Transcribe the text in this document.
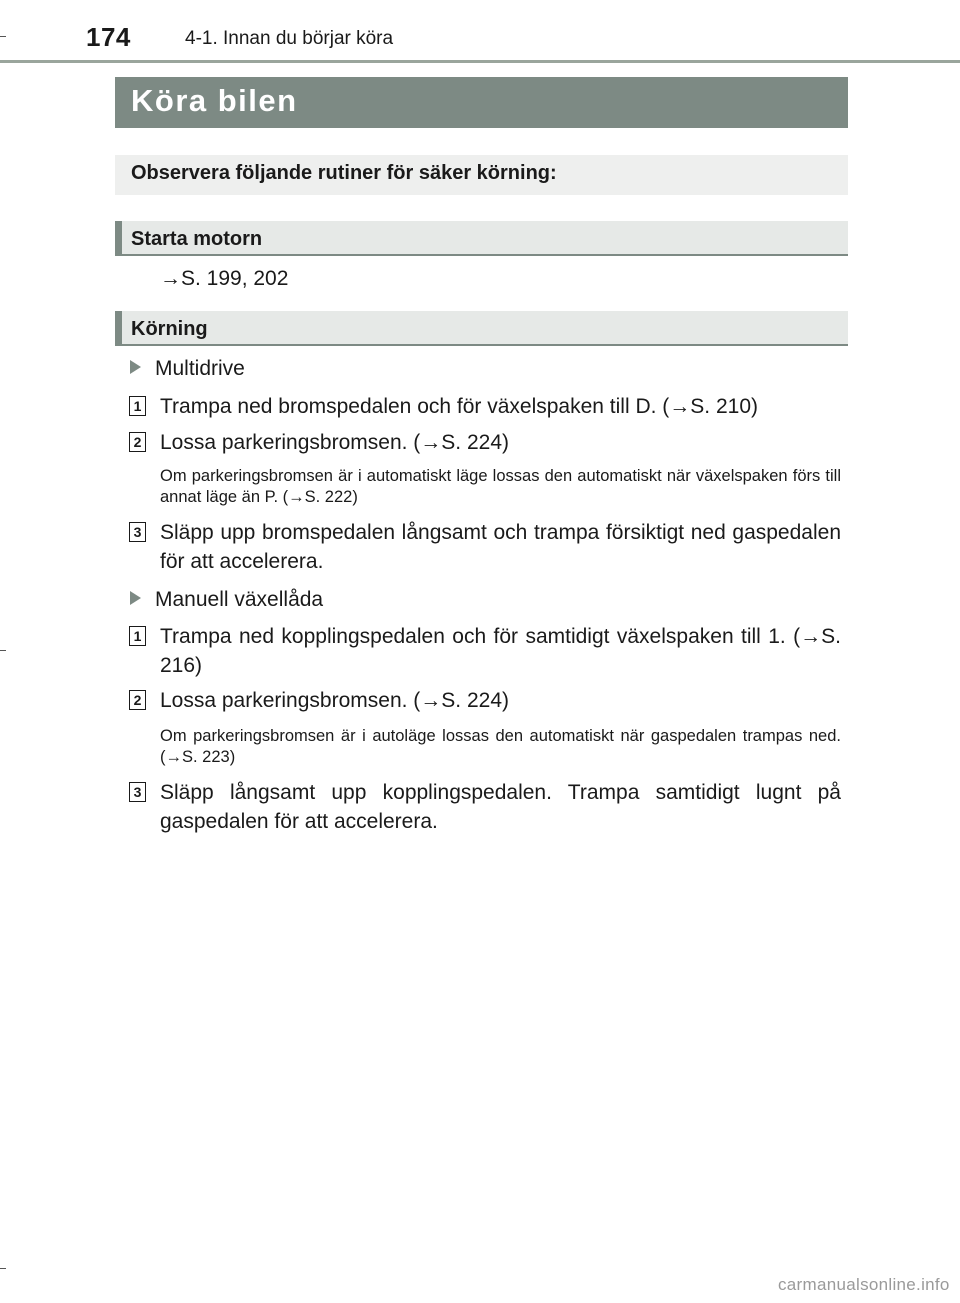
174	4-1. Innan du börjar köra
Köra bilen
Observera följande rutiner för säker körning:
Starta motorn
→S. 199, 202
Körning
Multidrive
1 Trampa ned bromspedalen och för växelspaken till D. (→S. 210)
2 Lossa parkeringsbromsen. (→S. 224)
Om parkeringsbromsen är i automatiskt läge lossas den automatiskt när växelspaken förs till annat läge än P. (→S. 222)
3 Släpp upp bromspedalen långsamt och trampa försiktigt ned gaspedalen för att accelerera.
Manuell växellåda
1 Trampa ned kopplingspedalen och för samtidigt växelspaken till 1. (→S. 216)
2 Lossa parkeringsbromsen. (→S. 224)
Om parkeringsbromsen är i autoläge lossas den automatiskt när gaspedalen trampas ned. (→S. 223)
3 Släpp långsamt upp kopplingspedalen. Trampa samtidigt lugnt på gaspedalen för att accelerera.
carmanualsonline.info
